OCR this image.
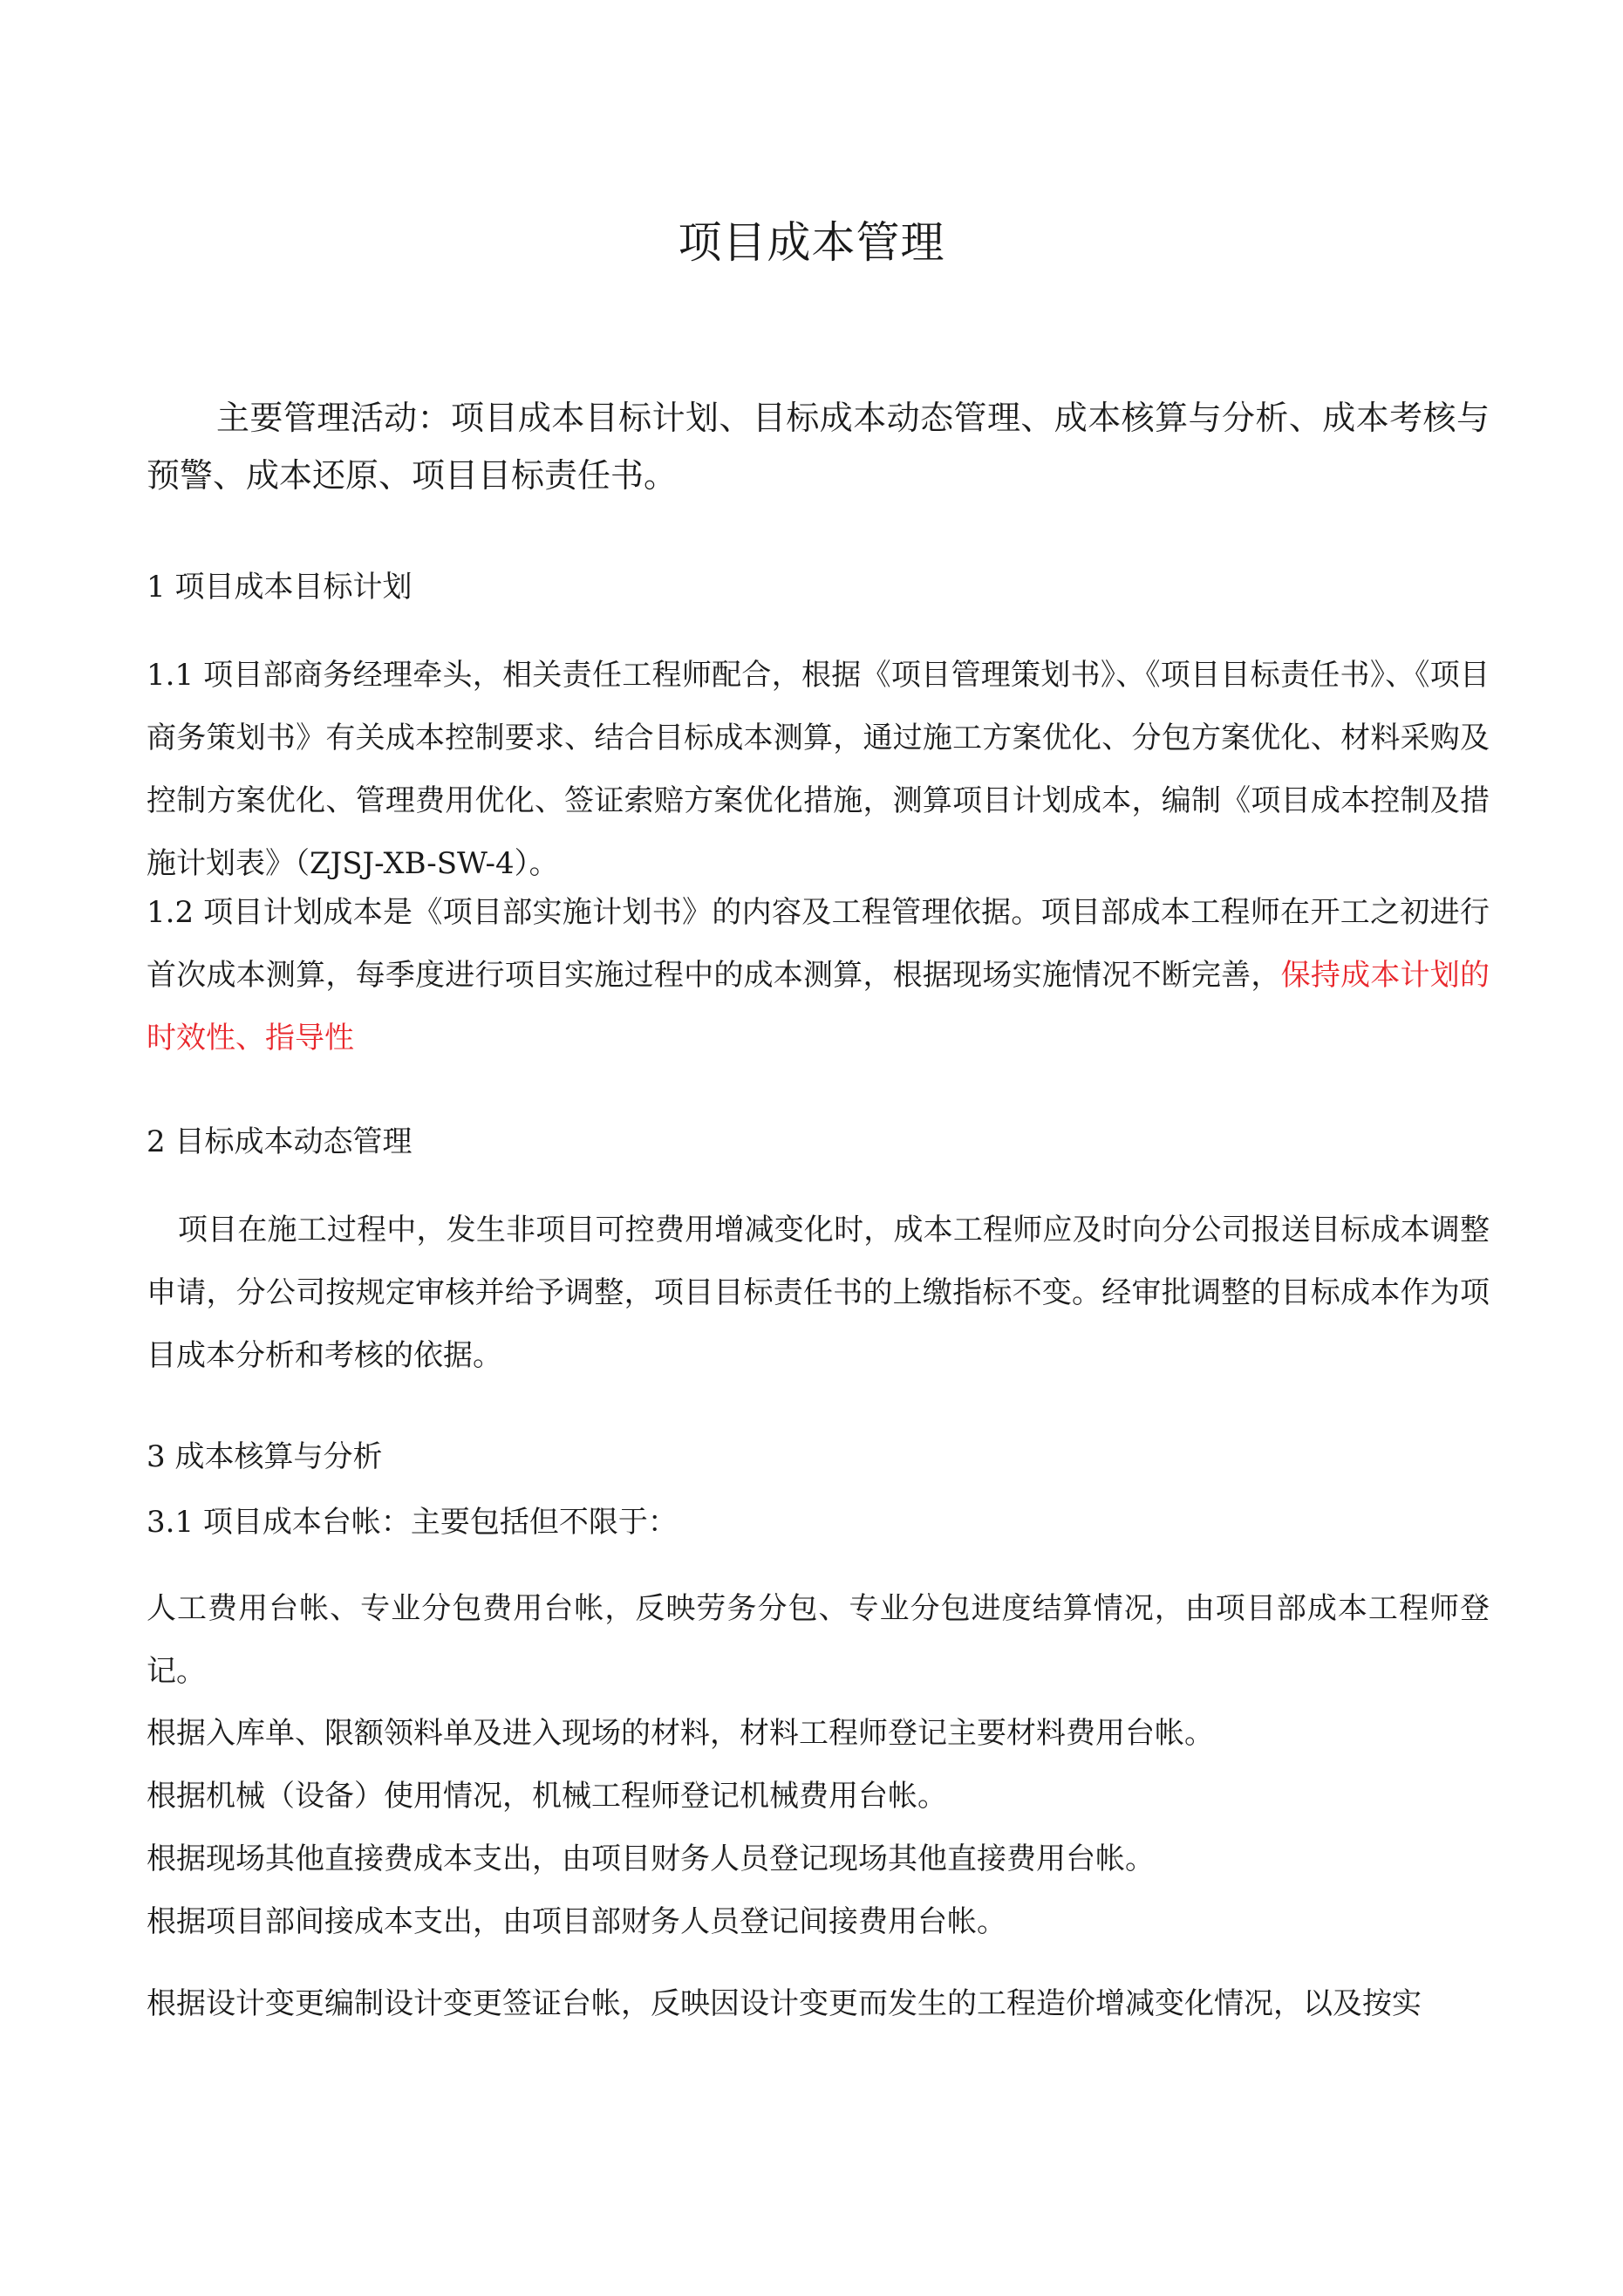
项目成本管理
主要管理活动：项目成本目标计划、目标成本动态管理、成本核算与分析、成本考核与预警、成本还原、项目目标责任书。
1 项目成本目标计划
1.1 项目部商务经理牵头，相关责任工程师配合，根据《项目管理策划书》、《项目目标责任书》、《项目商务策划书》有关成本控制要求、结合目标成本测算，通过施工方案优化、分包方案优化、材料采购及控制方案优化、管理费用优化、签证索赔方案优化措施，测算项目计划成本，编制《项目成本控制及措施计划表》（ZJSJ-XB-SW-4）。
1.2 项目计划成本是《项目部实施计划书》的内容及工程管理依据。项目部成本工程师在开工之初进行首次成本测算，每季度进行项目实施过程中的成本测算，根据现场实施情况不断完善，保持成本计划的时效性、指导性
2 目标成本动态管理
项目在施工过程中，发生非项目可控费用增减变化时，成本工程师应及时向分公司报送目标成本调整申请，分公司按规定审核并给予调整，项目目标责任书的上缴指标不变。经审批调整的目标成本作为项目成本分析和考核的依据。
3 成本核算与分析
3.1 项目成本台帐：主要包括但不限于：
人工费用台帐、专业分包费用台帐，反映劳务分包、专业分包进度结算情况，由项目部成本工程师登记。
根据入库单、限额领料单及进入现场的材料，材料工程师登记主要材料费用台帐。
根据机械（设备）使用情况，机械工程师登记机械费用台帐。
根据现场其他直接费成本支出，由项目财务人员登记现场其他直接费用台帐。
根据项目部间接成本支出，由项目部财务人员登记间接费用台帐。
根据设计变更编制设计变更签证台帐，反映因设计变更而发生的工程造价增减变化情况，以及按实
